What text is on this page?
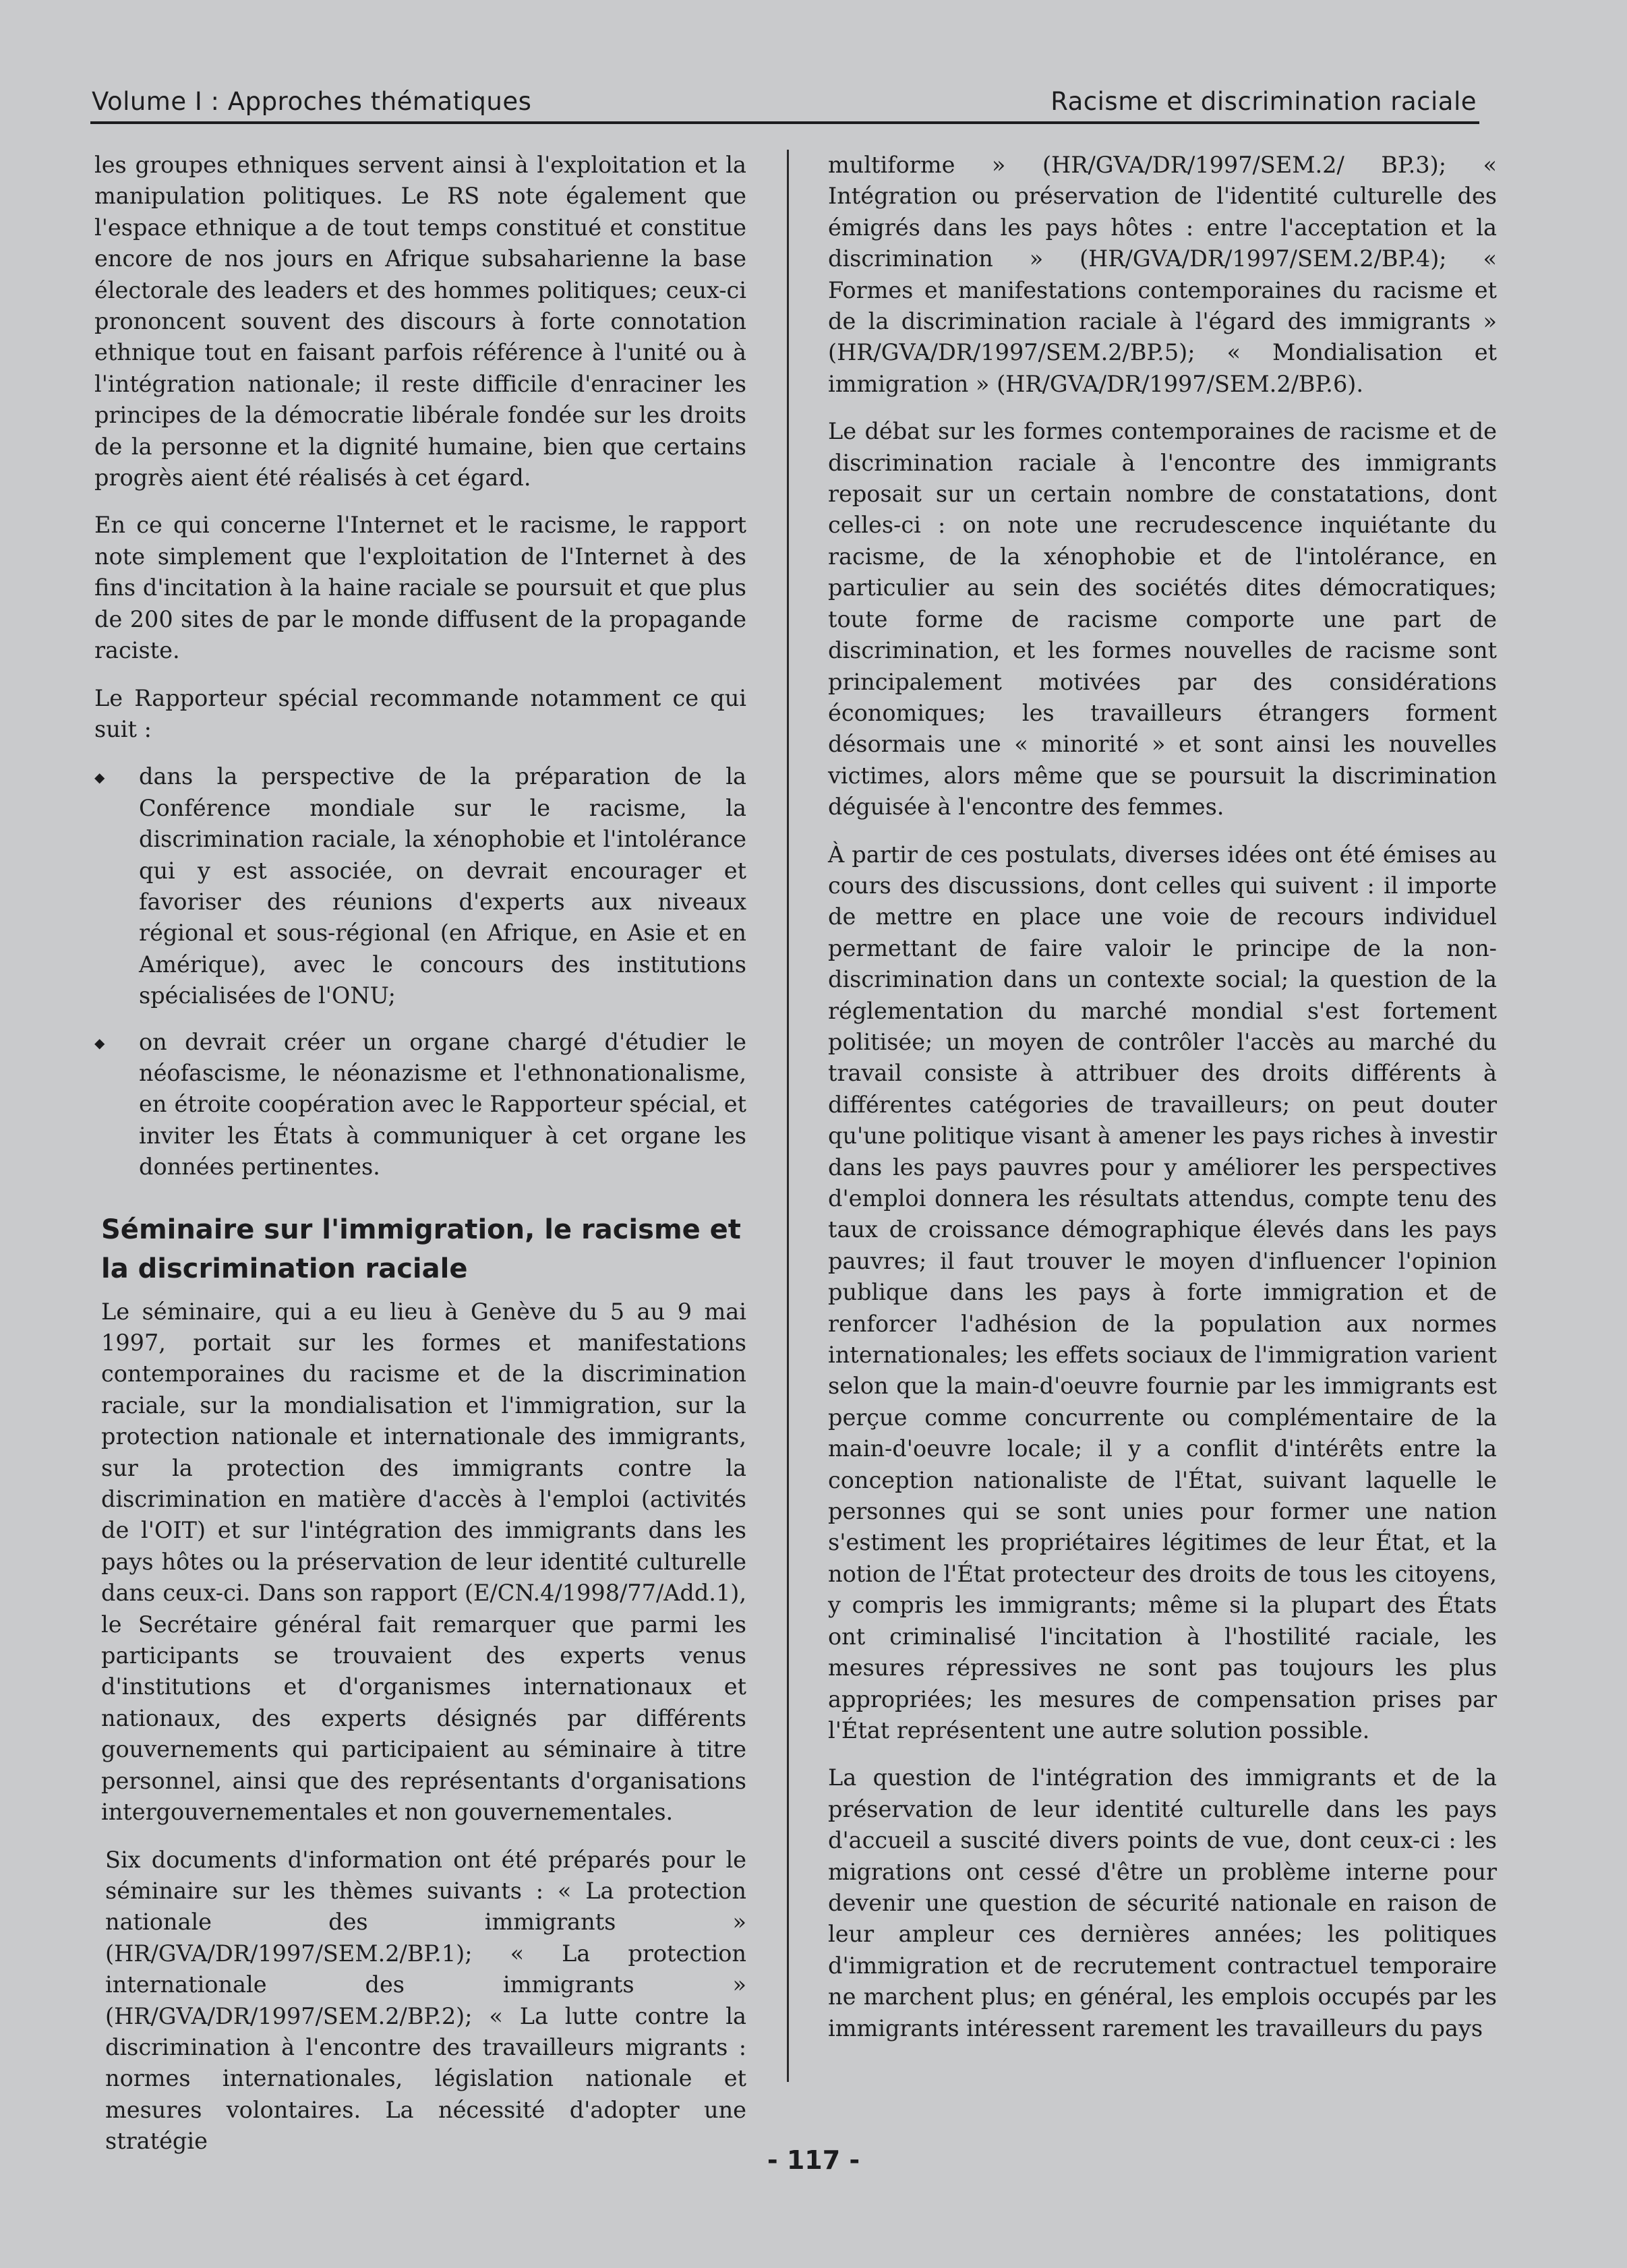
Volume I : Approches thématiques	Racisme et discrimination raciale

les groupes ethniques servent ainsi à l'exploitation et la manipulation politiques. Le RS note également que l'espace ethnique a de tout temps constitué et constitue encore de nos jours en Afrique subsaharienne la base électorale des leaders et des hommes politiques; ceux-ci prononcent souvent des discours à forte connotation ethnique tout en faisant parfois référence à l'unité ou à l'intégration nationale; il reste difficile d'enraciner les principes de la démocratie libérale fondée sur les droits de la personne et la dignité humaine, bien que certains progrès aient été réalisés à cet égard.

En ce qui concerne l'Internet et le racisme, le rapport note simplement que l'exploitation de l'Internet à des fins d'incitation à la haine raciale se poursuit et que plus de 200 sites de par le monde diffusent de la propagande raciste.

Le Rapporteur spécial recommande notamment ce qui suit :

◆ dans la perspective de la préparation de la Conférence mondiale sur le racisme, la discrimination raciale, la xénophobie et l'intolérance qui y est associée, on devrait encourager et favoriser des réunions d'experts aux niveaux régional et sous-régional (en Afrique, en Asie et en Amérique), avec le concours des institutions spécialisées de l'ONU;
◆ on devrait créer un organe chargé d'étudier le néofascisme, le néonazisme et l'ethnonationalisme, en étroite coopération avec le Rapporteur spécial, et inviter les États à communiquer à cet organe les données pertinentes.
Séminaire sur l'immigration, le racisme et la discrimination raciale

Le séminaire, qui a eu lieu à Genève du 5 au 9 mai 1997, portait sur les formes et manifestations contemporaines du racisme et de la discrimination raciale, sur la mondialisation et l'immigration, sur la protection nationale et internationale des immigrants, sur la protection des immigrants contre la discrimination en matière d'accès à l'emploi (activités de l'OIT) et sur l'intégration des immigrants dans les pays hôtes ou la préservation de leur identité culturelle dans ceux-ci. Dans son rapport (E/CN.4/1998/77/Add.1), le Secrétaire général fait remarquer que parmi les participants se trouvaient des experts venus d'institutions et d'organismes internationaux et nationaux, des experts désignés par différents gouvernements qui participaient au séminaire à titre personnel, ainsi que des représentants d'organisations intergouvernementales et non gouvernementales.

Six documents d'information ont été préparés pour le séminaire sur les thèmes suivants : « La protection nationale des immigrants » (HR/GVA/DR/1997/SEM.2/BP.1); « La protection internationale des immigrants » (HR/GVA/DR/1997/SEM.2/BP.2); « La lutte contre la discrimination à l'encontre des travailleurs migrants : normes internationales, législation nationale et mesures volontaires. La nécessité d'adopter une stratégie

multiforme » (HR/GVA/DR/1997/SEM.2/ BP.3); « Intégration ou préservation de l'identité culturelle des émigrés dans les pays hôtes : entre l'acceptation et la discrimination » (HR/GVA/DR/1997/SEM.2/BP.4); « Formes et manifestations contemporaines du racisme et de la discrimination raciale à l'égard des immigrants » (HR/GVA/DR/1997/SEM.2/BP.5); « Mondialisation et immigration » (HR/GVA/DR/1997/SEM.2/BP.6).

Le débat sur les formes contemporaines de racisme et de discrimination raciale à l'encontre des immigrants reposait sur un certain nombre de constatations, dont celles-ci : on note une recrudescence inquiétante du racisme, de la xénophobie et de l'intolérance, en particulier au sein des sociétés dites démocratiques; toute forme de racisme comporte une part de discrimination, et les formes nouvelles de racisme sont principalement motivées par des considérations économiques; les travailleurs étrangers forment désormais une « minorité » et sont ainsi les nouvelles victimes, alors même que se poursuit la discrimination déguisée à l'encontre des femmes.

À partir de ces postulats, diverses idées ont été émises au cours des discussions, dont celles qui suivent : il importe de mettre en place une voie de recours individuel permettant de faire valoir le principe de la non-discrimination dans un contexte social; la question de la réglementation du marché mondial s'est fortement politisée; un moyen de contrôler l'accès au marché du travail consiste à attribuer des droits différents à différentes catégories de travailleurs; on peut douter qu'une politique visant à amener les pays riches à investir dans les pays pauvres pour y améliorer les perspectives d'emploi donnera les résultats attendus, compte tenu des taux de croissance démographique élevés dans les pays pauvres; il faut trouver le moyen d'influencer l'opinion publique dans les pays à forte immigration et de renforcer l'adhésion de la population aux normes internationales; les effets sociaux de l'immigration varient selon que la main-d'oeuvre fournie par les immigrants est perçue comme concurrente ou complémentaire de la main-d'oeuvre locale; il y a conflit d'intérêts entre la conception nationaliste de l'État, suivant laquelle le personnes qui se sont unies pour former une nation s'estiment les propriétaires légitimes de leur État, et la notion de l'État protecteur des droits de tous les citoyens, y compris les immigrants; même si la plupart des États ont criminalisé l'incitation à l'hostilité raciale, les mesures répressives ne sont pas toujours les plus appropriées; les mesures de compensation prises par l'État représentent une autre solution possible.

La question de l'intégration des immigrants et de la préservation de leur identité culturelle dans les pays d'accueil a suscité divers points de vue, dont ceux-ci : les migrations ont cessé d'être un problème interne pour devenir une question de sécurité nationale en raison de leur ampleur ces dernières années; les politiques d'immigration et de recrutement contractuel temporaire ne marchent plus; en général, les emplois occupés par les immigrants intéressent rarement les travailleurs du pays

- 117 -
